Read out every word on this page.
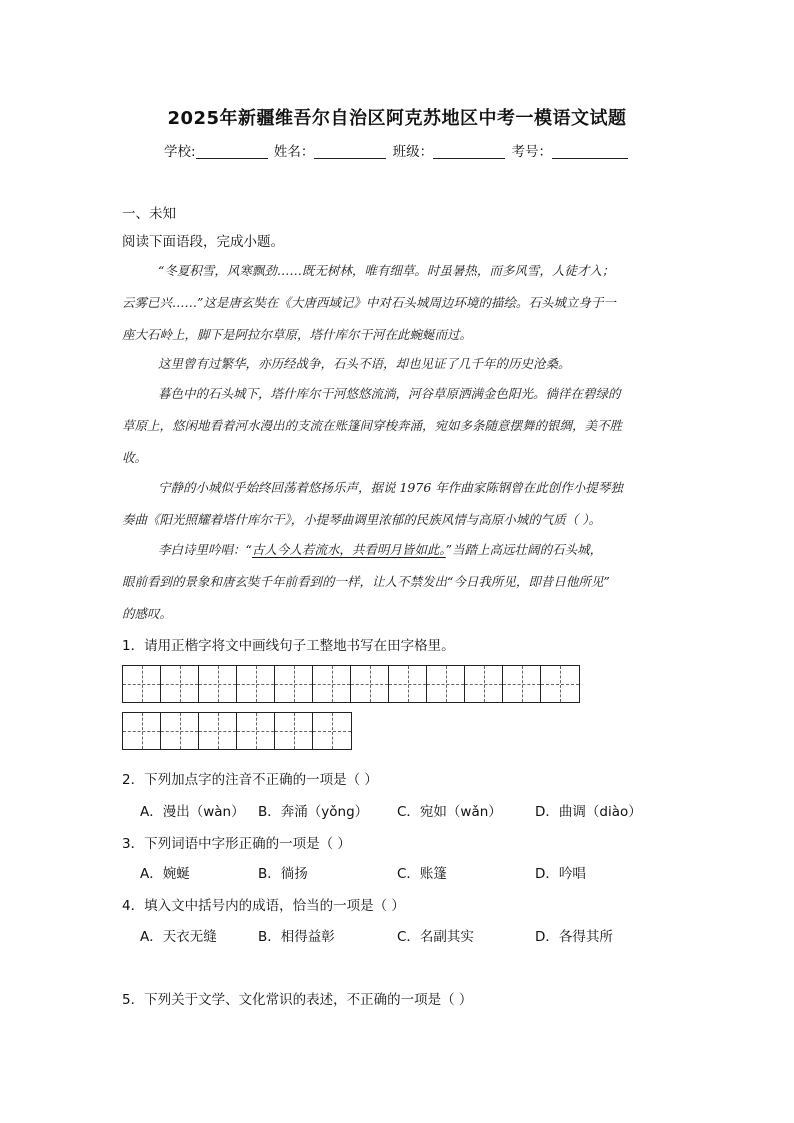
2025年新疆维吾尔自治区阿克苏地区中考一模语文试题
学校:	姓名：	班级：	考号：
一、未知
阅读下面语段，完成小题。
“冬夏积雪，风寒飘劲……既无树林，唯有细草。时虽暑热，而多风雪，人徒才入；
云雾已兴……”这是唐玄奘在《大唐西域记》中对石头城周边环境的描绘。石头城立身于一
座大石岭上，脚下是阿拉尔草原，塔什库尔干河在此蜿蜒而过。
这里曾有过繁华，亦历经战争，石头不语，却也见证了几千年的历史沧桑。
暮色中的石头城下，塔什库尔干河悠悠流淌，河谷草原洒满金色阳光。徜徉在碧绿的
草原上，悠闲地看着河水漫出的支流在账篷间穿梭奔涌，宛如多条随意摆舞的银绸，美不胜
收。
宁静的小城似乎始终回荡着悠扬乐声，据说 1976 年作曲家陈钢曾在此创作小提琴独
奏曲《阳光照耀着塔什库尔干》，小提琴曲调里浓郁的民族风情与高原小城的气质（ ）。
李白诗里吟唱：“古人今人若流水，共看明月皆如此。”当踏上高远壮阔的石头城，
眼前看到的景象和唐玄奘千年前看到的一样，让人不禁发出“今日我所见，即昔日他所见”
的感叹。
1．请用正楷字将文中画线句子工整地书写在田字格里。
2．下列加点字的注音不正确的一项是（ ）
A．漫出（wàn） B．奔涌（yǒng） C．宛如（wǎn） D．曲调（diào）
3．下列词语中字形正确的一项是（ ）
A．婉蜒	B．徜扬	C．账篷	D．吟唱
4．填入文中括号内的成语，恰当的一项是（ ）
A．天衣无缝	B．相得益彰	C．名副其实	D．各得其所
5．下列关于文学、文化常识的表述，不正确的一项是（ ）
